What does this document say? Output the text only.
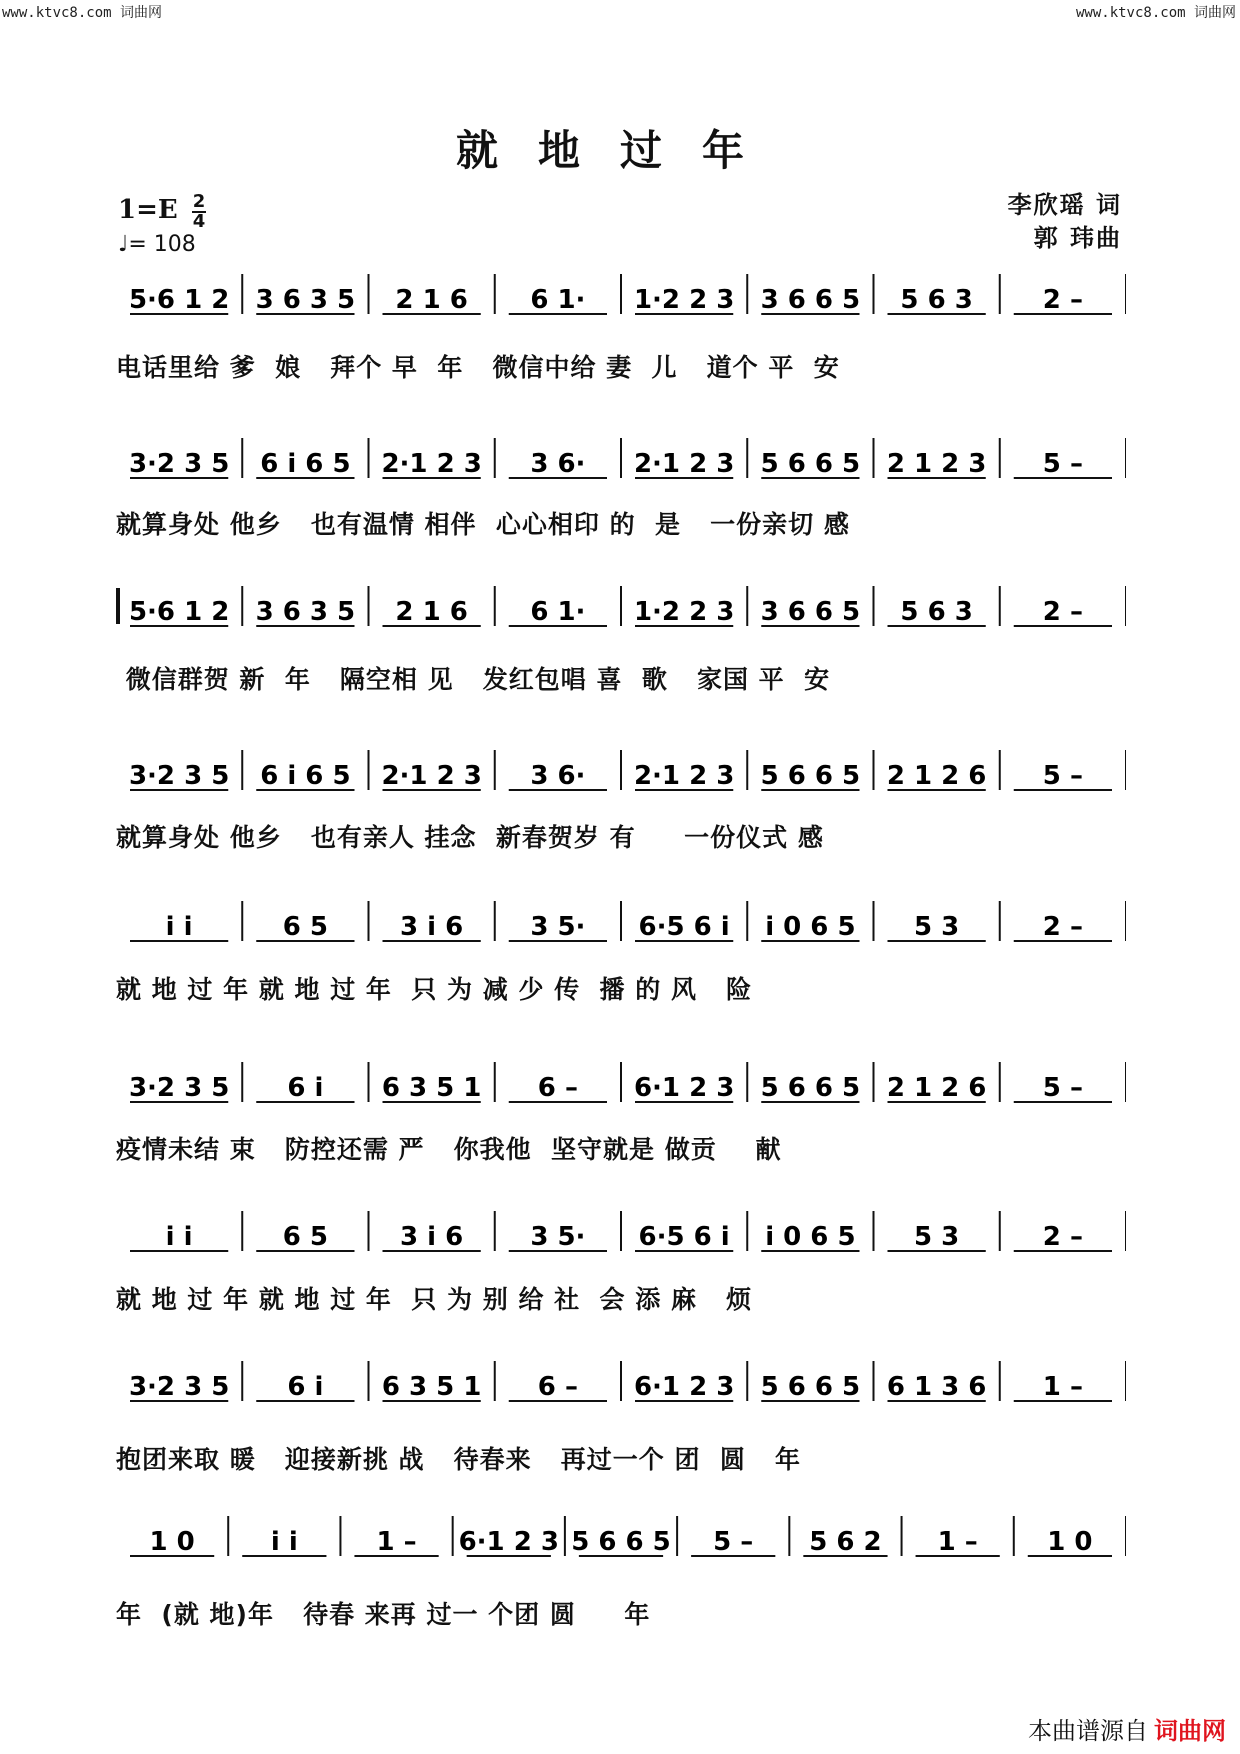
www.ktvc8.com 词曲网	www.ktvc8.com 词曲网
就地过年
1=E 2
4
♩= 108
李欣瑶 词
郭 玮曲
5·6 1 2 3 6 3 5 2 1 6 6 1· 1·2 2 3 3 6 6 5 5 6 3	2 –
电话里给 爹  娘   拜个 早  年   微信中给 妻  儿   道个 平  安
3·2 3 5 6 i 6 5 2·1 2 3 3 6· 2·1 2 3 5 6 6 5 2 1 2 3 5 –
就算身处 他乡   也有温情 相伴  心心相印 的  是   一份亲切 感
5·6 1 2 3 6 3 5 2 1 6 6 1· 1·2 2 3 3 6 6 5 5 6 3	2 –
微信群贺 新  年   隔空相 见   发红包唱 喜  歌   家国 平  安
3·2 3 5 6 i 6 5 2·1 2 3 3 6· 2·1 2 3 5 6 6 5 2 1 2 6 5 –
就算身处 他乡   也有亲人 挂念  新春贺岁 有     一份仪式 感
i i	6 5	3 i 6	3 5· 6·5 6 i i 0 6 5 5 3	2 –
就 地 过 年 就 地 过 年  只 为 减 少 传  播 的 风   险
3·2 3 5 6 i 6 3 5 1 6 – 6·1 2 3 5 6 6 5 2 1 2 6 5 –
疫情未结 束   防控还需 严   你我他  坚守就是 做贡    献
i i	6 5	3 i 6	3 5· 6·5 6 i i 0 6 5 5 3	2 –
就 地 过 年 就 地 过 年  只 为 别 给 社  会 添 麻   烦
3·2 3 5 6 i 6 3 5 1 6 – 6·1 2 3 5 6 6 5 6 1 3 6 1 –
抱团来取 暖   迎接新挑 战   待春来   再过一个 团  圆   年
1 0	i i	1 – 6·1 2 3 5 6 6 5 5 – 5 6 2 1 –	1 0
年  (就 地)年   待春 来再 过一 个团 圆     年
本曲谱源自 词曲网
